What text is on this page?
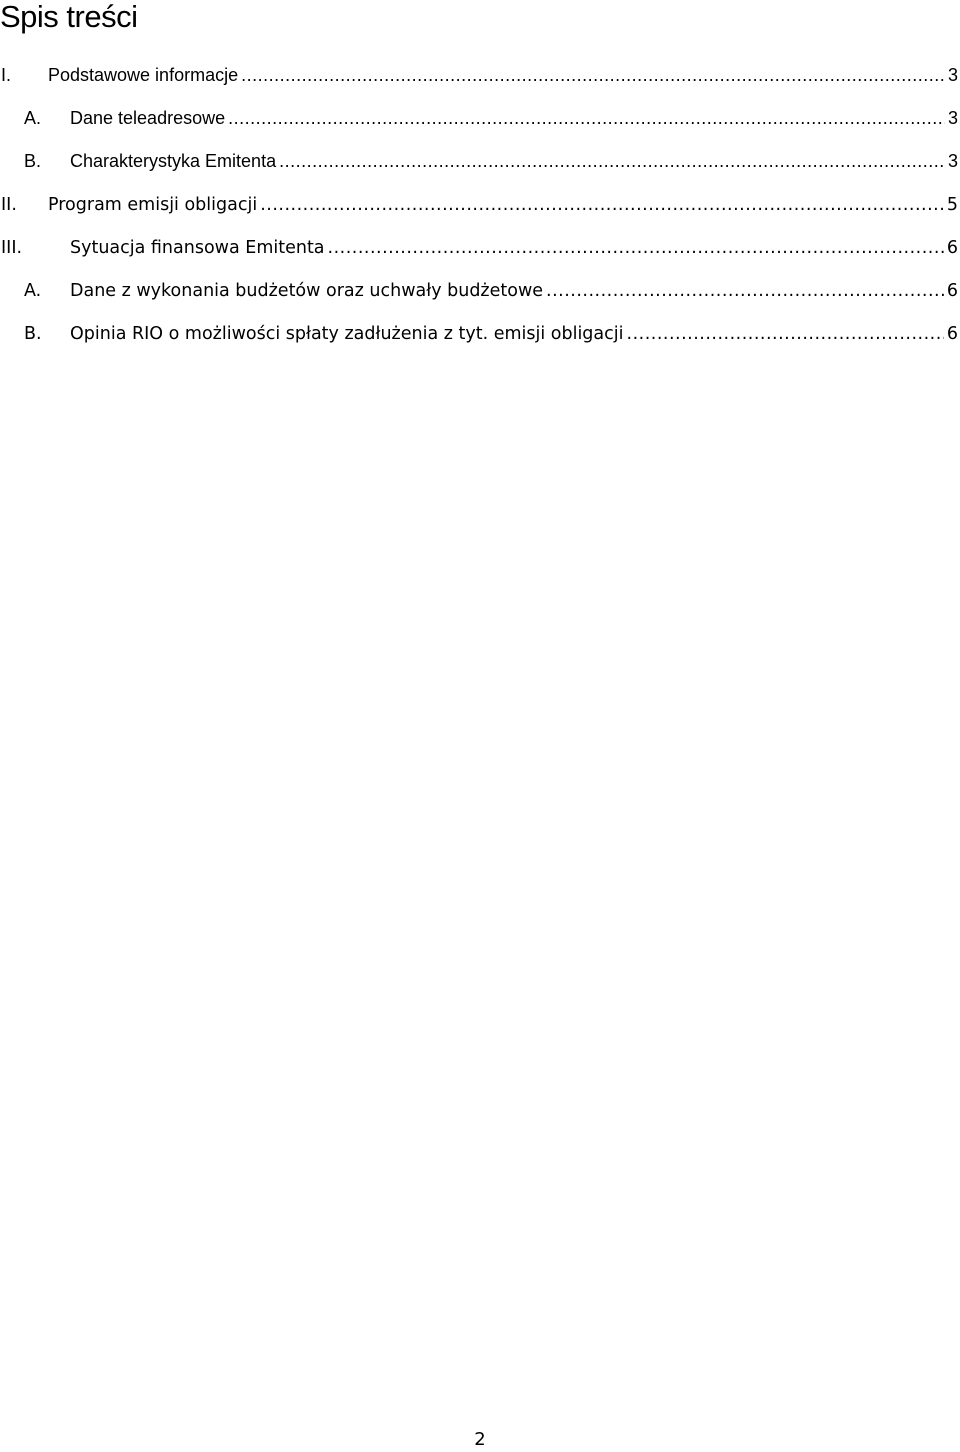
Spis treści
I.	Podstawowe informacje .....	3
A.	Dane teleadresowe .....	3
B.	Charakterystyka Emitenta .....	3
II.	Program emisji obligacji .....	5
III.	Sytuacja finansowa Emitenta .....	6
A.	Dane z wykonania budżetów oraz uchwały budżetowe .....	6
B.	Opinia RIO o możliwości spłaty zadłużenia z tyt. emisji obligacji .....	6
2
